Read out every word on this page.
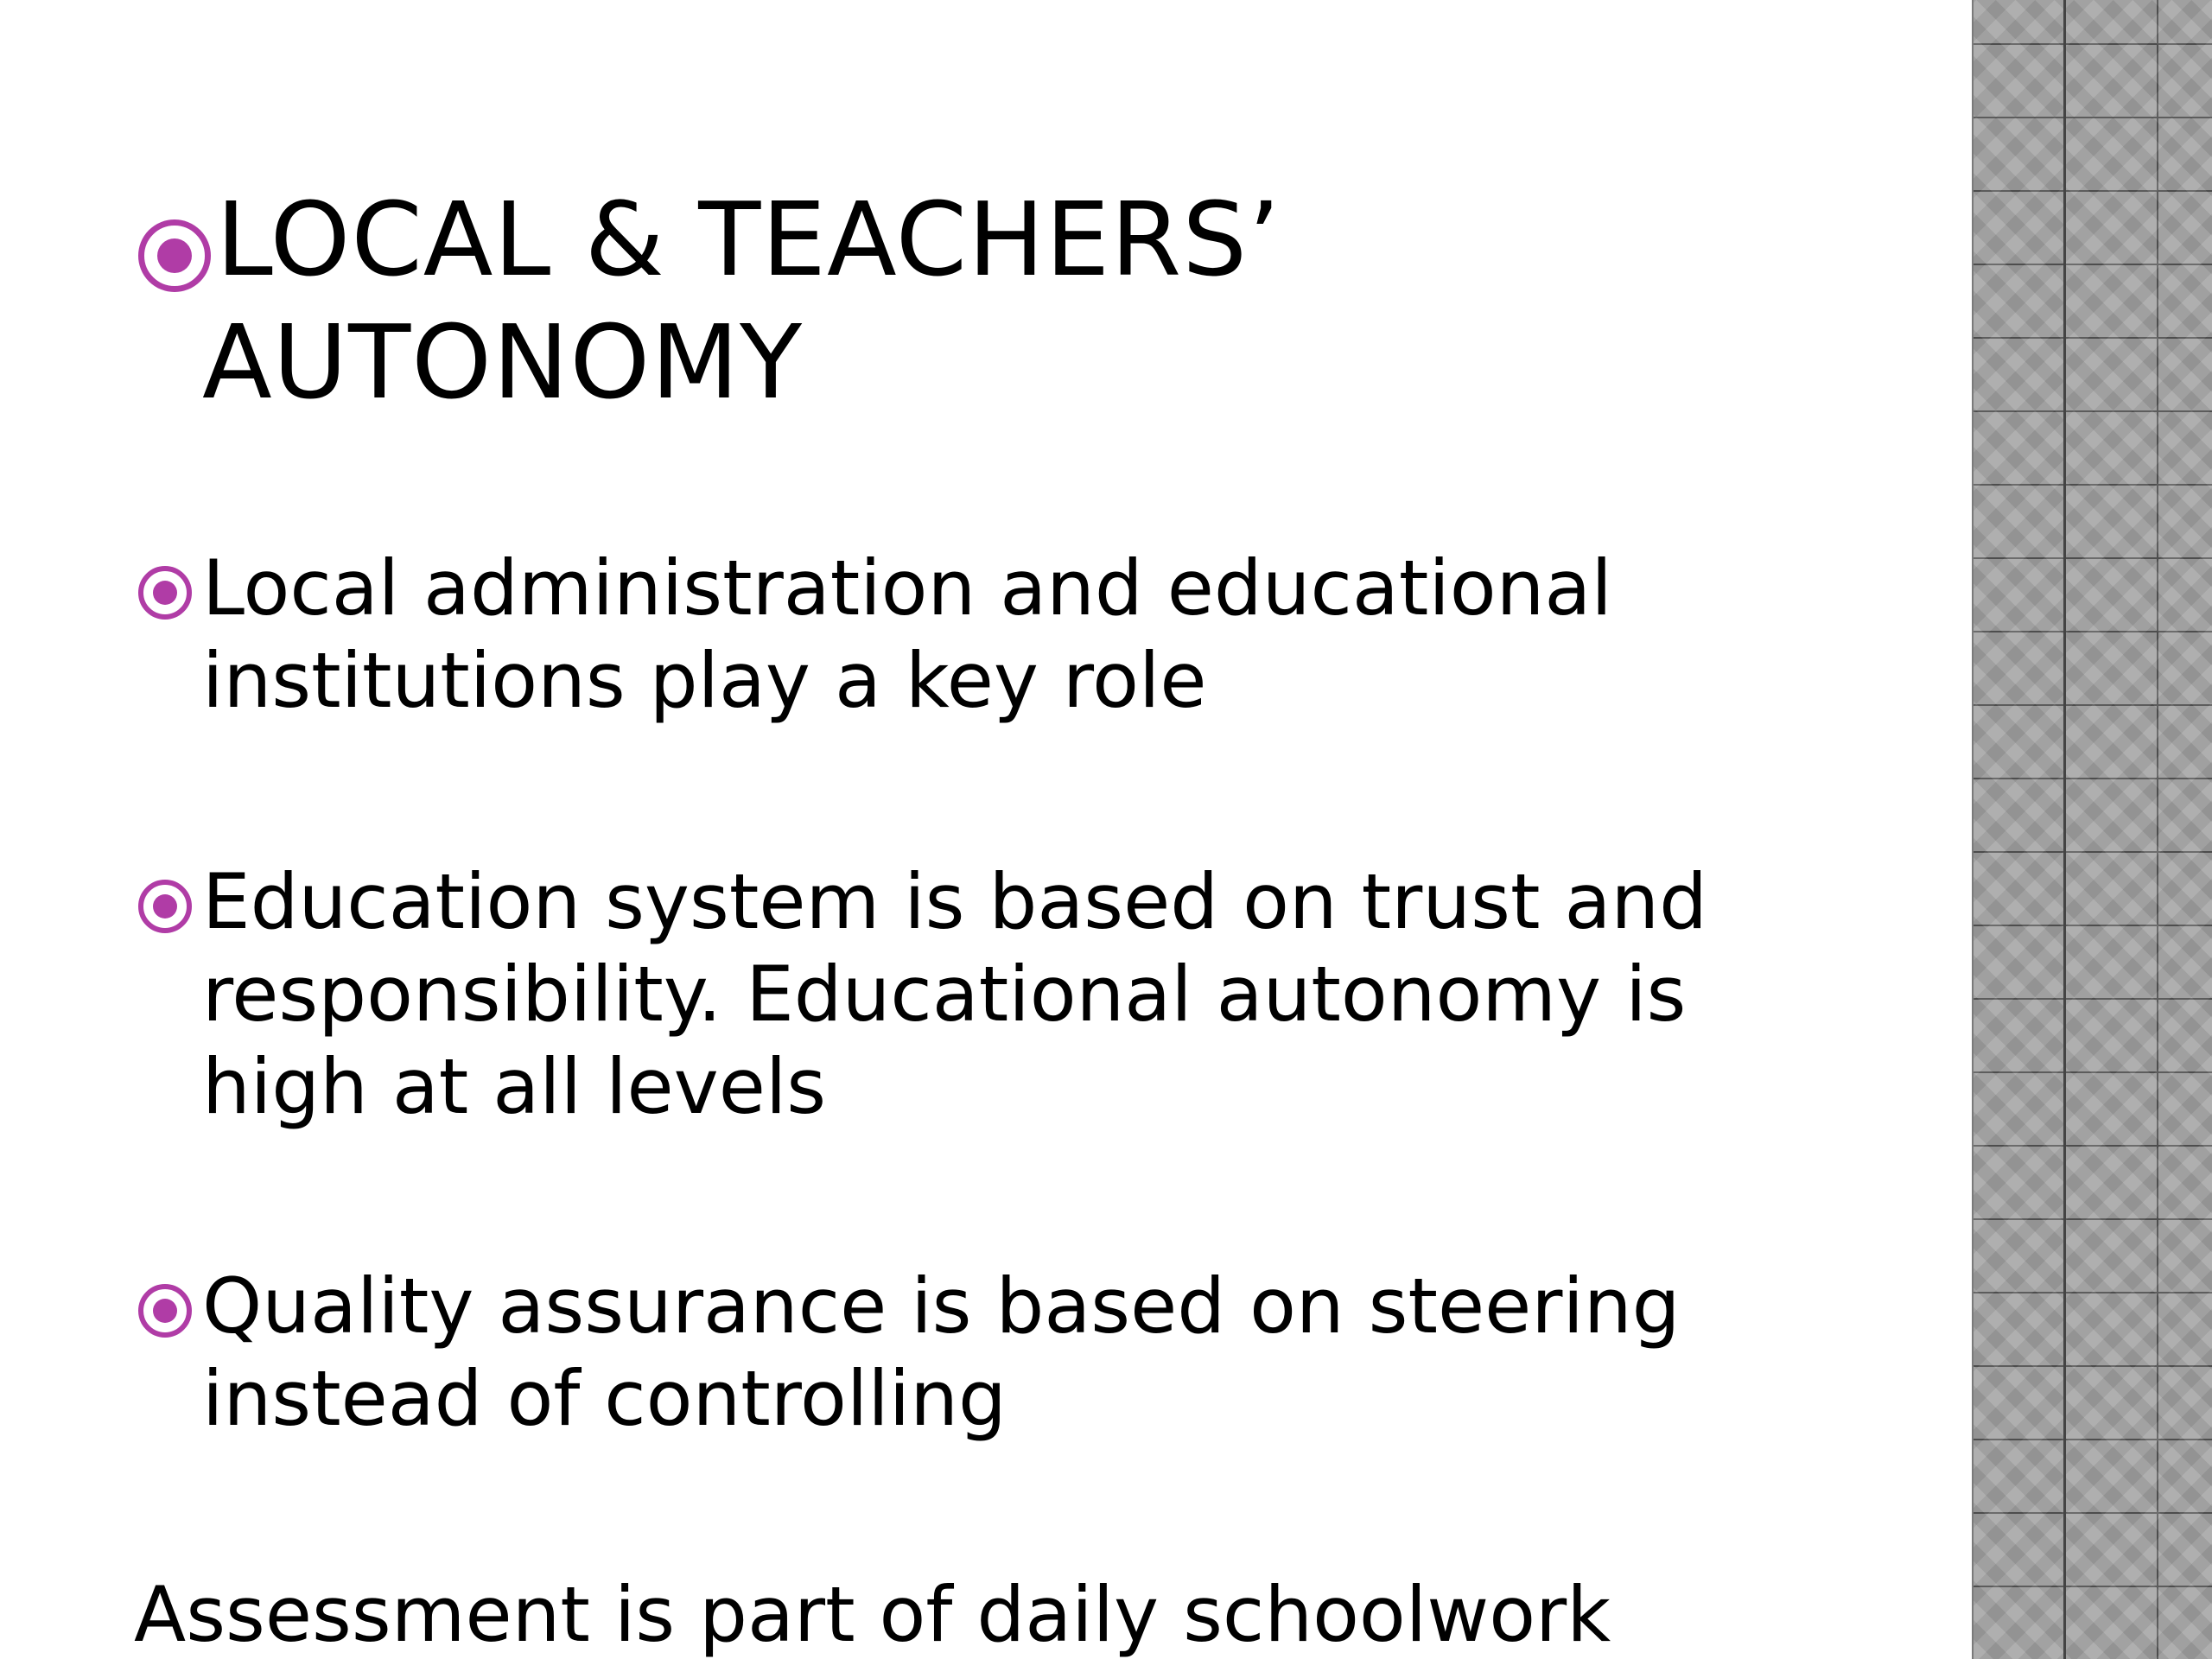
LOCAL & TEACHERS’
AUTONOMY
Local administration and educational institutions play a key role
Education system is based on trust and responsibility. Educational autonomy is high at all levels
Quality assurance is based on steering instead of controlling
Assessment is part of daily schoolwork
